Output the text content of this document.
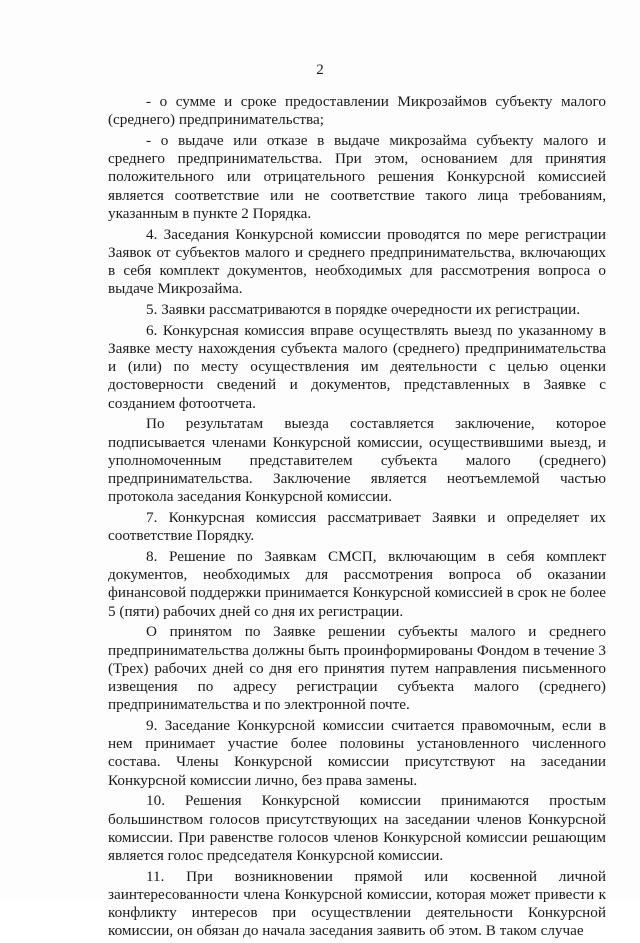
2

- о сумме и сроке предоставлении Микрозаймов субъекту малого (среднего) предпринимательства;

- о выдаче или отказе в выдаче микрозайма субъекту малого и среднего предпринимательства. При этом, основанием для принятия положительного или отрицательного решения Конкурсной комиссией является соответствие или не соответствие такого лица требованиям, указанным в пункте 2 Порядка.

4. Заседания Конкурсной комиссии проводятся по мере регистрации Заявок от субъектов малого и среднего предпринимательства, включающих в себя комплект документов, необходимых для рассмотрения вопроса о выдаче Микрозайма.

5. Заявки рассматриваются в порядке очередности их регистрации.

6. Конкурсная комиссия вправе осуществлять выезд по указанному в Заявке месту нахождения субъекта малого (среднего) предпринимательства и (или) по месту осуществления им деятельности с целью оценки достоверности сведений и документов, представленных в Заявке с созданием фотоотчета.

По результатам выезда составляется заключение, которое подписывается членами Конкурсной комиссии, осуществившими выезд, и уполномоченным представителем субъекта малого (среднего) предпринимательства. Заключение является неотъемлемой частью протокола заседания Конкурсной комиссии.

7. Конкурсная комиссия рассматривает Заявки и определяет их соответствие Порядку.

8. Решение по Заявкам СМСП, включающим в себя комплект документов, необходимых для рассмотрения вопроса об оказании финансовой поддержки принимается Конкурсной комиссией в срок не более 5 (пяти) рабочих дней со дня их регистрации.

О принятом по Заявке решении субъекты малого и среднего предпринимательства должны быть проинформированы Фондом в течение 3 (Трех) рабочих дней со дня его принятия путем направления письменного извещения по адресу регистрации субъекта малого (среднего) предпринимательства и по электронной почте.

9. Заседание Конкурсной комиссии считается правомочным, если в нем принимает участие более половины установленного численного состава. Члены Конкурсной комиссии присутствуют на заседании Конкурсной комиссии лично, без права замены.

10. Решения Конкурсной комиссии принимаются простым большинством голосов присутствующих на заседании членов Конкурсной комиссии. При равенстве голосов членов Конкурсной комиссии решающим является голос председателя Конкурсной комиссии.

11. При возникновении прямой или косвенной личной заинтересованности члена Конкурсной комиссии, которая может привести к конфликту интересов при осуществлении деятельности Конкурсной комиссии, он обязан до начала заседания заявить об этом. В таком случае
